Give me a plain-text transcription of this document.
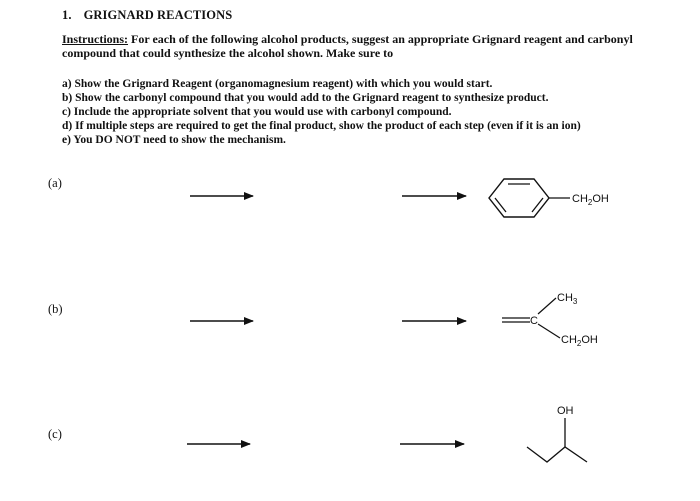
1. GRIGNARD REACTIONS
Instructions: For each of the following alcohol products, suggest an appropriate Grignard reagent and carbonyl compound that could synthesize the alcohol shown. Make sure to
a) Show the Grignard Reagent (organomagnesium reagent) with which you would start.
b) Show the carbonyl compound that you would add to the Grignard reagent to synthesize product.
c) Include the appropriate solvent that you would use with carbonyl compound.
d) If multiple steps are required to get the final product, show the product of each step (even if it is an ion)
e) You DO NOT need to show the mechanism.
(a)
(b)
(c)
$CH_2OH$
C
$CH_3$
$CH_2OH$
OH
